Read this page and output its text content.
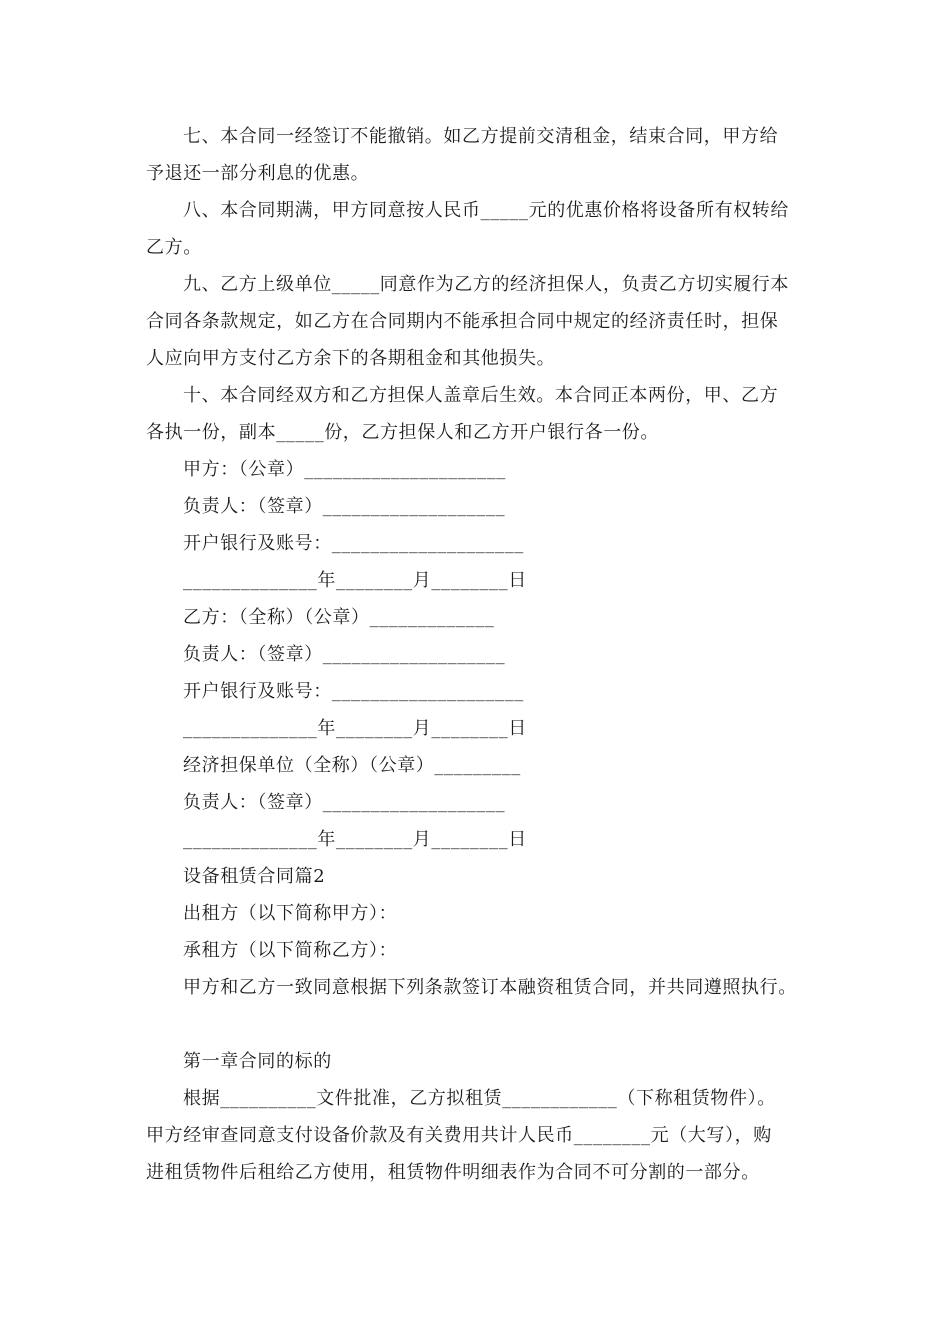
七、本合同一经签订不能撤销。如乙方提前交清租金，结束合同，甲方给
予退还一部分利息的优惠。
八、本合同期满，甲方同意按人民币_____元的优惠价格将设备所有权转给
乙方。
九、乙方上级单位_____同意作为乙方的经济担保人，负责乙方切实履行本
合同各条款规定，如乙方在合同期内不能承担合同中规定的经济责任时，担保
人应向甲方支付乙方余下的各期租金和其他损失。
十、本合同经双方和乙方担保人盖章后生效。本合同正本两份，甲、乙方
各执一份，副本_____份，乙方担保人和乙方开户银行各一份。
甲方：（公章）_____________________
负责人：（签章）___________________
开户银行及账号：____________________
______________年________月________日
乙方：（全称）（公章）_____________
负责人：（签章）___________________
开户银行及账号：____________________
______________年________月________日
经济担保单位（全称）（公章）_________
负责人：（签章）___________________
______________年________月________日
设备租赁合同篇2
出租方（以下简称甲方）：
承租方（以下简称乙方）：
甲方和乙方一致同意根据下列条款签订本融资租赁合同，并共同遵照执行。
第一章合同的标的
根据__________文件批准，乙方拟租赁____________（下称租赁物件）。
甲方经审查同意支付设备价款及有关费用共计人民币________元（大写），购
进租赁物件后租给乙方使用，租赁物件明细表作为合同不可分割的一部分。
